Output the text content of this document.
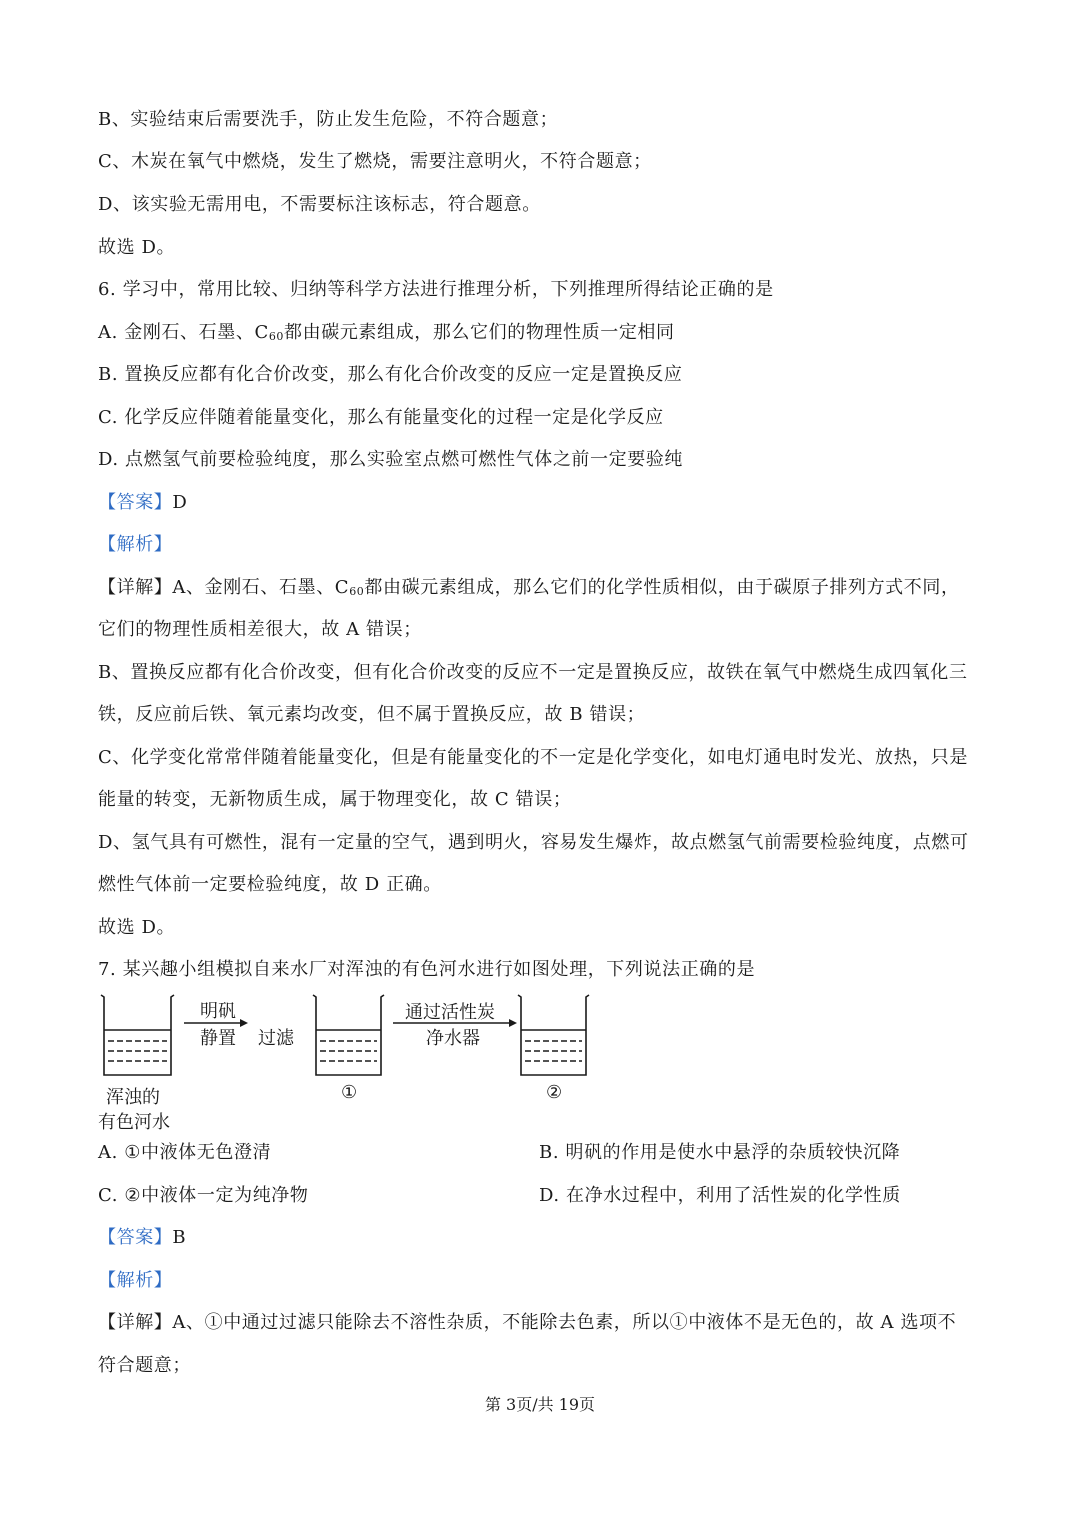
B、实验结束后需要洗手，防止发生危险，不符合题意；
C、木炭在氧气中燃烧，发生了燃烧，需要注意明火，不符合题意；
D、该实验无需用电，不需要标注该标志，符合题意。
故选 D。
6. 学习中，常用比较、归纳等科学方法进行推理分析，下列推理所得结论正确的是
A. 金刚石、石墨、$C_{60}$都由碳元素组成，那么它们的物理性质一定相同
B. 置换反应都有化合价改变，那么有化合价改变的反应一定是置换反应
C. 化学反应伴随着能量变化，那么有能量变化的过程一定是化学反应
D. 点燃氢气前要检验纯度，那么实验室点燃可燃性气体之前一定要验纯
【答案】D
【解析】
【详解】A、金刚石、石墨、$C_{60}$都由碳元素组成，那么它们的化学性质相似，由于碳原子排列方式不同，
它们的物理性质相差很大，故 A 错误；
B、置换反应都有化合价改变，但有化合价改变的反应不一定是置换反应，故铁在氧气中燃烧生成四氧化三
铁，反应前后铁、氧元素均改变，但不属于置换反应，故 B 错误；
C、化学变化常常伴随着能量变化，但是有能量变化的不一定是化学变化，如电灯通电时发光、放热，只是
能量的转变，无新物质生成，属于物理变化，故 C 错误；
D、氢气具有可燃性，混有一定量的空气，遇到明火，容易发生爆炸，故点燃氢气前需要检验纯度，点燃可
燃性气体前一定要检验纯度，故 D 正确。
故选 D。
7. 某兴趣小组模拟自来水厂对浑浊的有色河水进行如图处理，下列说法正确的是
明矾
静置 过滤
通过活性炭
净水器
浑浊的
有色河水
①	②
A. ①中液体无色澄清	B. 明矾的作用是使水中悬浮的杂质较快沉降
C. ②中液体一定为纯净物	D. 在净水过程中，利用了活性炭的化学性质
【答案】B
【解析】
【详解】A、①中通过过滤只能除去不溶性杂质，不能除去色素，所以①中液体不是无色的，故 A 选项不
符合题意；
第 3页/共 19页
